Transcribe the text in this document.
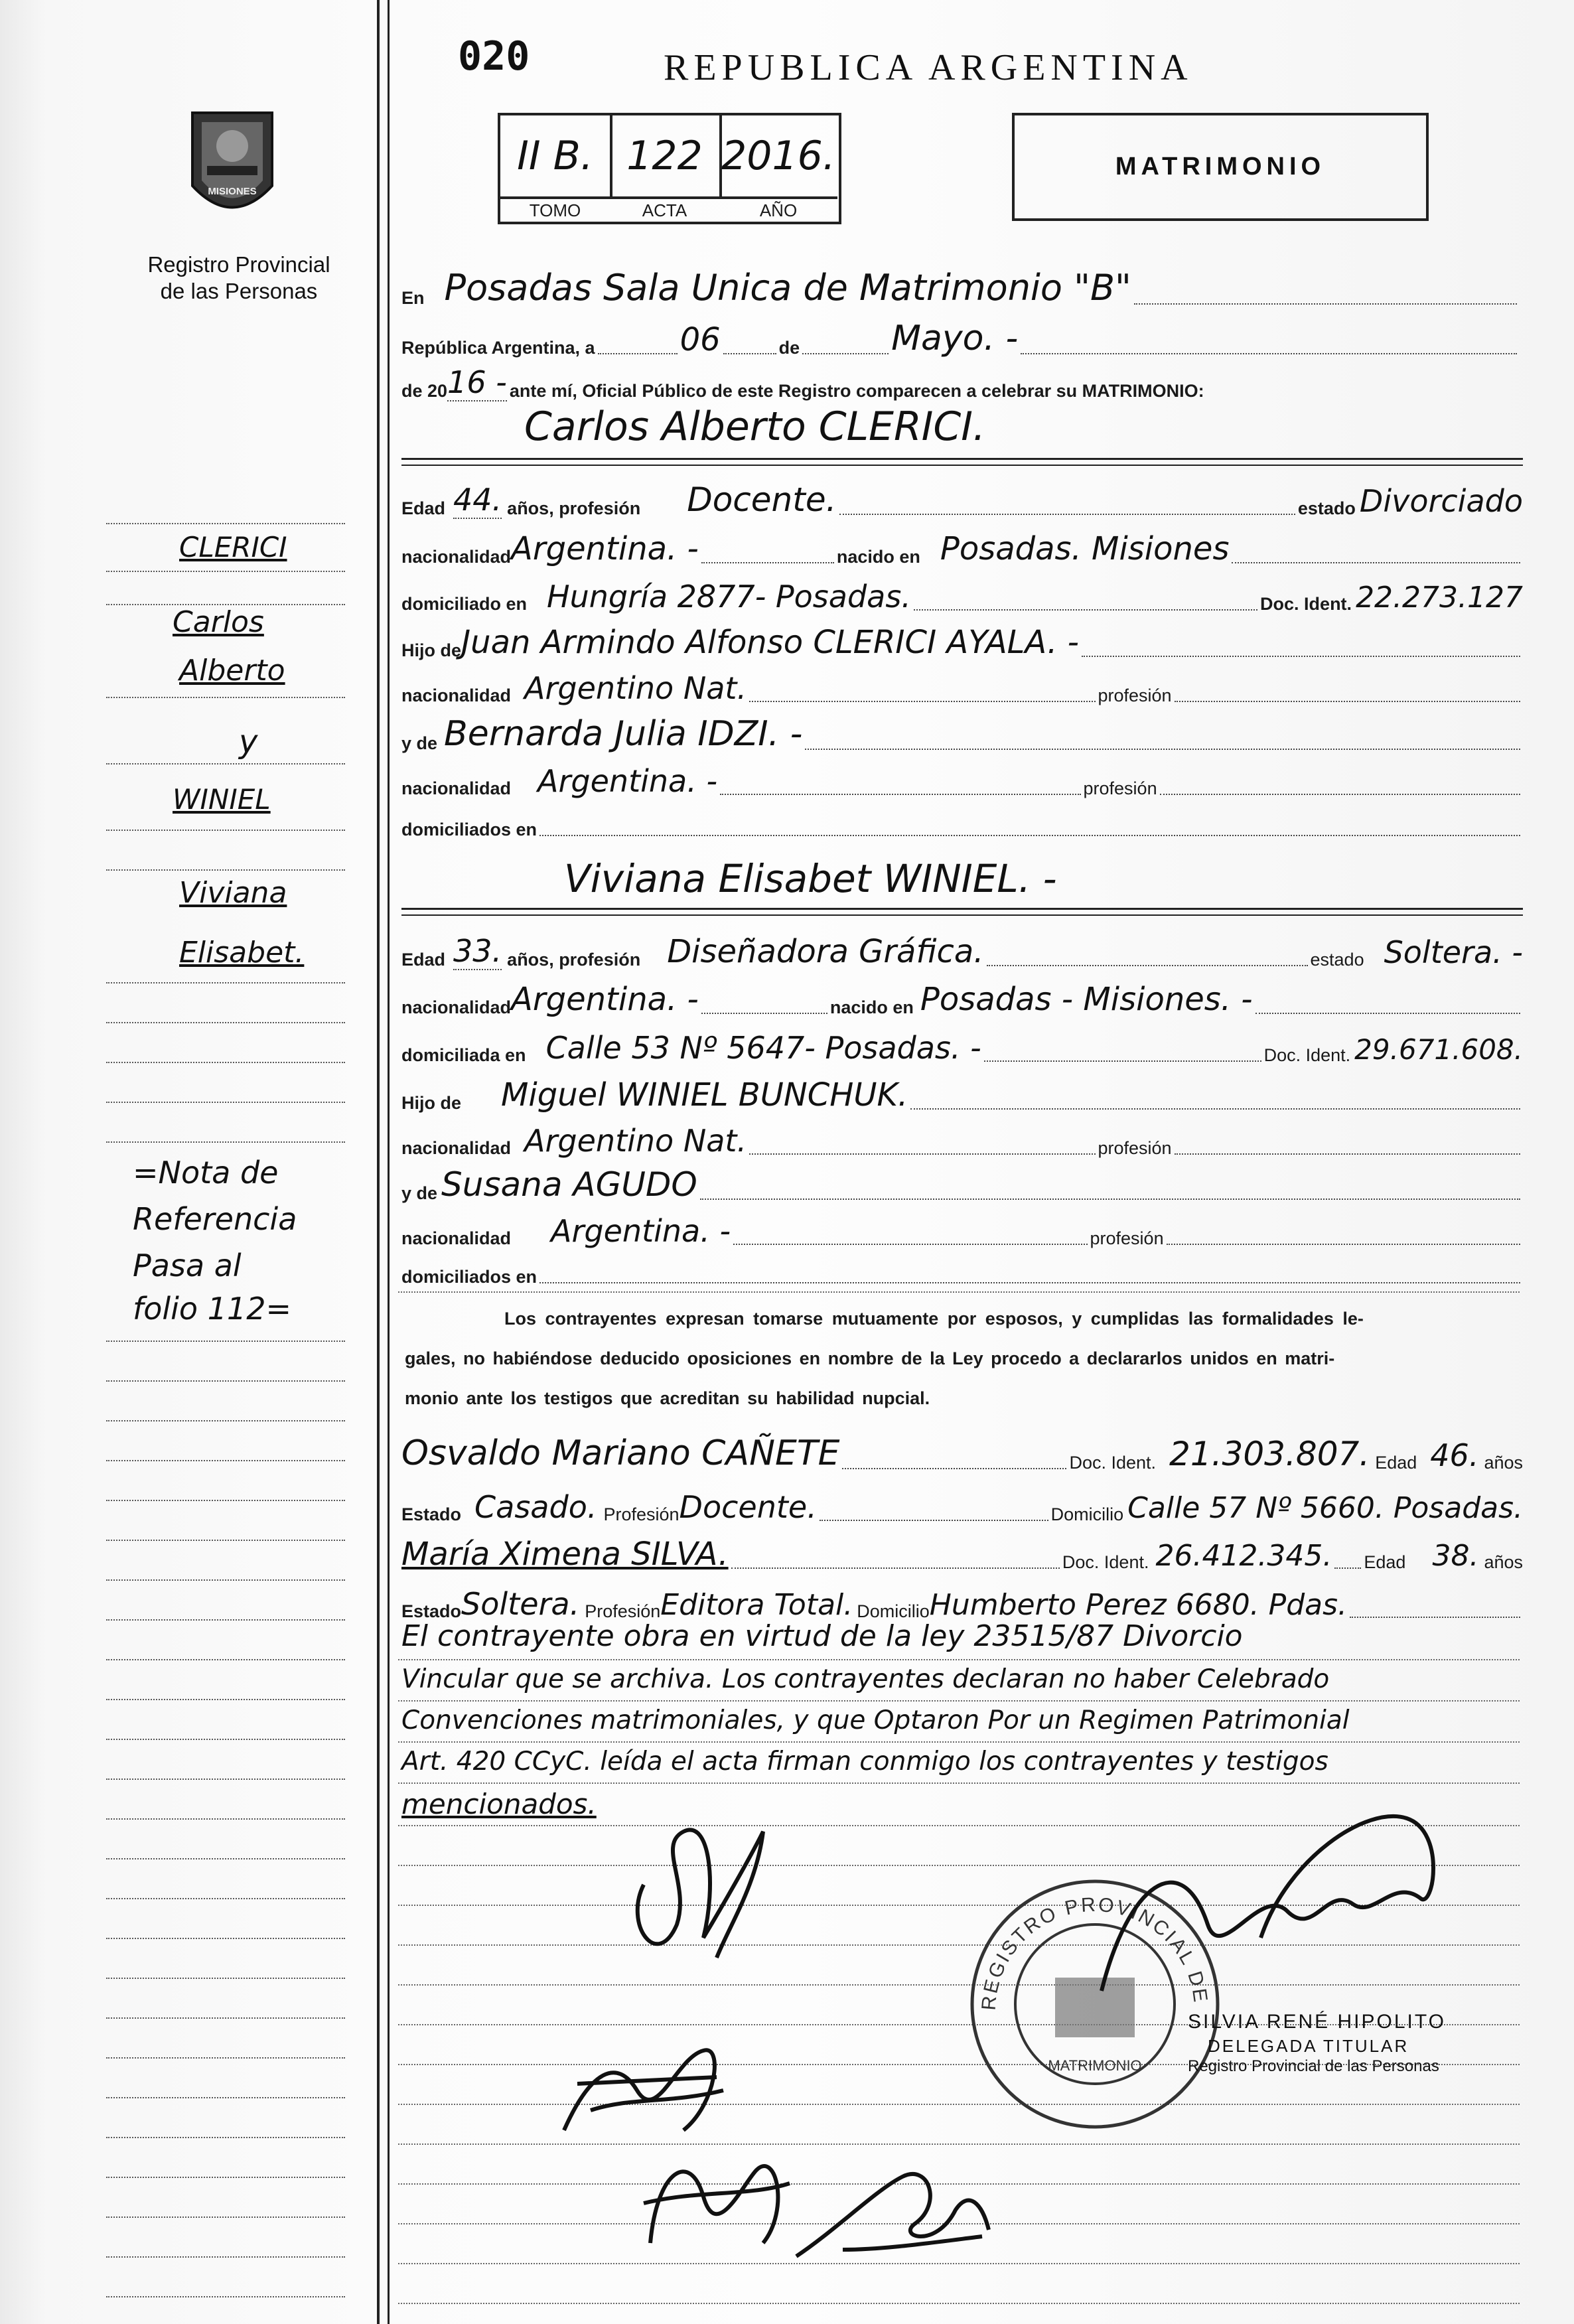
MISIONES
Registro Provincial
de las Personas
020	REPUBLICA ARGENTINA
II B. 122 2016.
TOMO	ACTA	AÑO
MATRIMONIO
En Posadas Sala Unica de Matrimonio "B"
República Argentina, a	06	de	Mayo. -
de 20 16 - ante mí, Oficial Público de este Registro comparecen a celebrar su MATRIMONIO:
Carlos Alberto CLERICI.
Edad 44. años, profesión Docente.	estado Divorciado
nacionalidad Argentina. -	nacido en Posadas. Misiones
domiciliado en Hungría 2877- Posadas.	Doc. Ident. 22.273.127
Hijo de Juan Armindo Alfonso CLERICI AYALA. -
nacionalidad Argentino Nat.	profesión
y de Bernarda Julia IDZI. -
nacionalidad Argentina. -	profesión
domiciliados en
Viviana Elisabet WINIEL. -
Edad 33. años, profesión Diseñadora Gráfica.	estado Soltera. -
nacionalidad Argentina. -	nacido en Posadas - Misiones. -
domiciliada en Calle 53 Nº 5647- Posadas. -	Doc. Ident. 29.671.608.
Hijo de Miguel WINIEL BUNCHUK.
nacionalidad Argentino Nat.	profesión
y de Susana AGUDO
nacionalidad Argentina. -	profesión
domiciliados en
Los contrayentes expresan tomarse mutuamente por esposos, y cumplidas las formalidades le-
gales, no habiéndose deducido oposiciones en nombre de la Ley procedo a declararlos unidos en matri-
monio ante los testigos que acreditan su habilidad nupcial.
Osvaldo Mariano CAÑETE	Doc. Ident. 21.303.807. Edad 46. años
Estado Casado. Profesión Docente.	Domicilio Calle 57 Nº 5660. Posadas.
María Ximena SILVA.	Doc. Ident. 26.412.345. Edad 38. años
Estado Soltera. Profesión Editora Total. Domicilio Humberto Perez 6680. Pdas.
El contrayente obra en virtud de la ley 23515/87 Divorcio
Vincular que se archiva. Los contrayentes declaran no haber Celebrado
Convenciones matrimoniales, y que Optaron Por un Regimen Patrimonial
Art. 420 CCyC. leída el acta firman conmigo los contrayentes y testigos
mencionados.
REGISTRO PROVINCIAL DE
MATRIMONIO
SILVIA RENÉ HIPOLITO
DELEGADA TITULAR
Registro Provincial de las Personas
CLERICI
Carlos
Alberto
y
WINIEL
Viviana
Elisabet.
=Nota de
Referencia
Pasa al
folio 112=
